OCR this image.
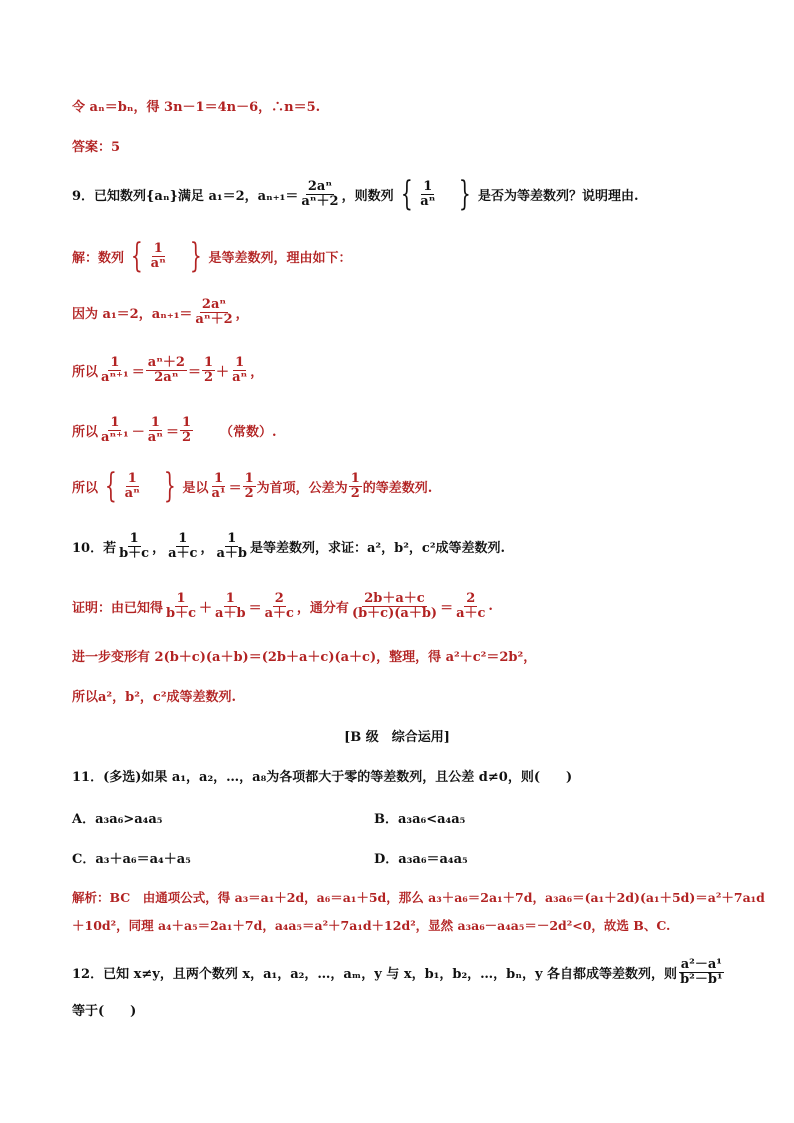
令 aₙ＝bₙ，得 3n－1＝4n－6，∴n＝5.
答案：5
9．已知数列{aₙ}满足 a₁＝2，$a_{n+1}= \frac{\text{2aⁿ}}{\text{aⁿ＋2}}$ ，则数列 { $\frac{1}{\text{aⁿ}}$ } 是否为等差数列？说明理由.
解：数列 { $\frac{1}{\text{aⁿ}}$ } 是等差数列，理由如下：
因为 a₁＝2，$a_{n+1}= \frac{\text{2aⁿ}}{\text{aⁿ＋2}}$ ，
所以 $\frac{1}{\text{aⁿ⁺¹}} = \frac{\text{aⁿ＋2}}{\text{2aⁿ}} = \frac{1}{2} + \frac{1}{\text{aⁿ}}$ ，
所以 $\frac{1}{\text{aⁿ⁺¹}} - \frac{1}{\text{aⁿ}} = \frac{1}{2}$ （常数）.
所以 { $\frac{1}{\text{aⁿ}}$ } 是以 $\frac{1}{\text{a¹}} = \frac{1}{2}$ 为首项，公差为 $\frac{1}{2}$ 的等差数列.
10．若 $\frac{1}{b+c}$ ， $\frac{1}{a+c}$ ， $\frac{1}{a+b}$ 是等差数列，求证：a²，b²，c²成等差数列.
证明：由已知得 $\frac{1}{b+c} + \frac{1}{a+b} = \frac{2}{a+c}$ ，通分有 $\frac{2b+a+c}{(b+c)(a+b)} = \frac{2}{a+c}$ .
进一步变形有 2(b＋c)(a＋b)＝(2b＋a＋c)(a＋c)，整理，得 a²＋c²＝2b²，
所以a²，b²，c²成等差数列.
[B 级　综合运用]
11．(多选)如果 a₁，a₂，…，a₈为各项都大于零的等差数列，且公差 d≠0，则(　　)
A．a₃a₆>a₄a₅	B．a₃a₆<a₄a₅
C．a₃＋a₆＝a₄＋a₅	D．a₃a₆＝a₄a₅
解析：BC　由通项公式，得 a₃＝a₁＋2d，a₆＝a₁＋5d，那么 a₃＋a₆＝2a₁＋7d，a₃a₆＝(a₁＋2d)(a₁＋5d)＝a²＋7a₁d
＋10d²，同理 a₄＋a₅＝2a₁＋7d，a₄a₅＝a²＋7a₁d＋12d²，显然 a₃a₆－a₄a₅＝－2d²<0，故选 B、C.
12．已知 x≠y，且两个数列 x，a₁，a₂，…，aₘ，y 与 x，b₁，b₂，…，bₙ，y 各自都成等差数列，则 $\frac{\text{a²－a¹}}{\text{b²－b¹}}$
等于(　　)
